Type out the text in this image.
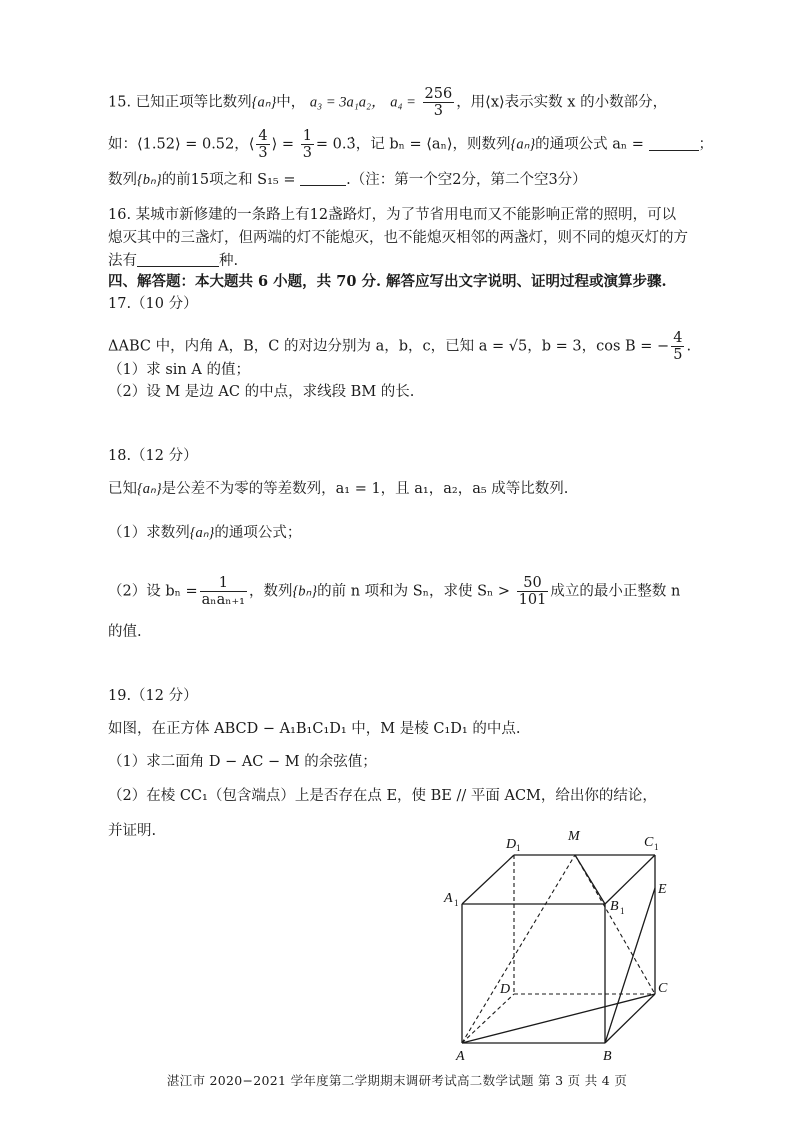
15. 已知正项等比数列{aₙ}中， a₃ = 3a₁a₂， $a_4 = \frac{256}{3}$ ，用⟨x⟩表示实数 x 的小数部分，
如：⟨1.52⟩ = 0.52，⟨ $\frac{4}{3}$ ⟩ = $\frac{1}{3}$ = 0.3̇，记 bₙ = ⟨aₙ⟩，则数列{aₙ}的通项公式 aₙ =	；
数列{bₙ}的前15项之和 S₁₅ =	.（注：第一个空2分，第二个空3分）
16. 某城市新修建的一条路上有12盏路灯，为了节省用电而又不能影响正常的照明，可以
熄灭其中的三盏灯，但两端的灯不能熄灭，也不能熄灭相邻的两盏灯，则不同的熄灭灯的方
法有	种.
四、解答题：本大题共 6 小题，共 70 分. 解答应写出文字说明、证明过程或演算步骤.
17.（10 分）
ΔABC 中，内角 A，B，C 的对边分别为 a，b，c，已知 a = √5，b = 3，cos B = − $\frac{4}{5}$ .
（1）求 sin A 的值；
（2）设 M 是边 AC 的中点，求线段 BM 的长.
18.（12 分）
已知{aₙ}是公差不为零的等差数列，a₁ = 1，且 a₁，a₂，a₅ 成等比数列.
（1）求数列{aₙ}的通项公式；
（2）设 $b_n = \frac{1}{\text{aₙaₙ₊₁}}$ ，数列{bₙ}的前 n 项和为 Sₙ，求使 $S_n > \frac{50}{101}$ 成立的最小正整数 n
的值.
19.（12 分）
如图，在正方体 ABCD − A₁B₁C₁D₁ 中，M 是棱 C₁D₁ 的中点.
（1）求二面角 D − AC − M 的余弦值；
（2）在棱 CC₁（包含端点）上是否存在点 E，使 BE // 平面 ACM，给出你的结论，
并证明.
D 1
M	C 1
A 1	B 1
E
D	C
A	B
湛江市 2020−2021 学年度第二学期期末调研考试高二数学试题 第 3 页 共 4 页
